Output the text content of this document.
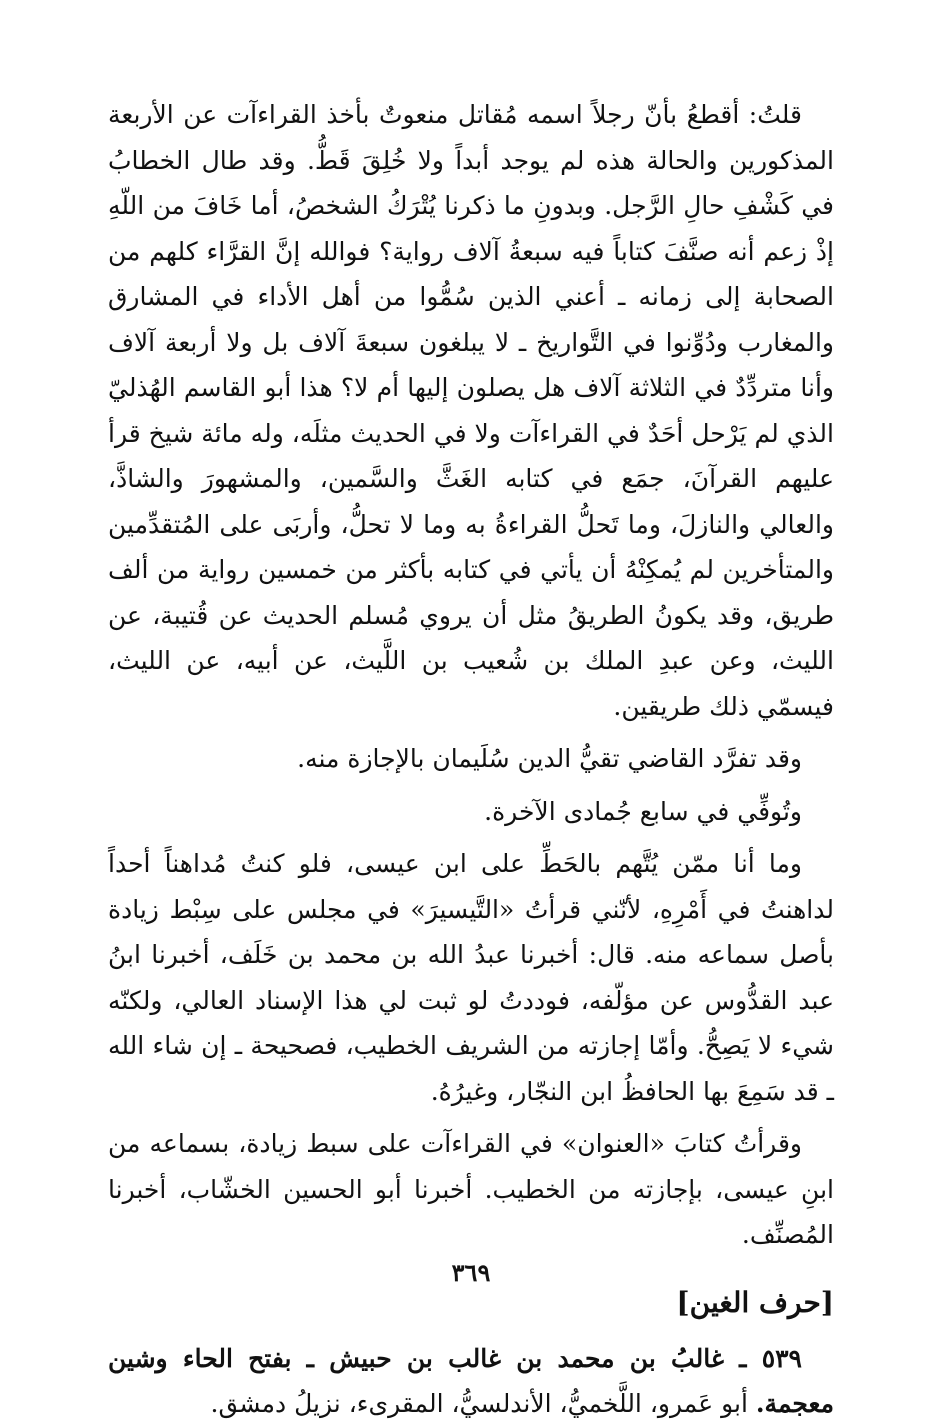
قلتُ: أقطعُ بأنّ رجلاً اسمه مُقاتل منعوتٌ بأخذ القراءآت عن الأربعة المذكورين والحالة هذه لم يوجد أبداً ولا خُلِقَ قَطُّ. وقد طال الخطابُ في كَشْفِ حالِ الرَّجل. وبدونِ ما ذكرنا يُتْرَكُ الشخصُ، أما خَافَ من اللّهِ إذْ زعم أنه صنَّفَ كتاباً فيه سبعةُ آلاف رواية؟ فوالله إنَّ القرَّاء كلهم من الصحابة إلى زمانه ـ أعني الذين سُمُّوا من أهل الأداء في المشارق والمغارب ودُوِّنوا في التَّواريخ ـ لا يبلغون سبعةَ آلاف بل ولا أربعة آلاف وأنا متردِّدٌ في الثلاثة آلاف هل يصلون إليها أم لا؟ هذا أبو القاسم الهُذليّ الذي لم يَرْحل أحَدٌ في القراءآت ولا في الحديث مثلَه، وله مائة شيخ قرأ عليهم القرآنَ، جمَع في كتابه الغَثَّ والسَّمين، والمشهورَ والشاذَّ، والعالي والنازلَ، وما تَحلُّ القراءةُ به وما لا تحلُّ، وأربَى على المُتقدِّمين والمتأخرين لم يُمكِنْهُ أن يأتي في كتابه بأكثر من خمسين رواية من ألف طريق، وقد يكونُ الطريقُ مثل أن يروي مُسلم الحديث عن قُتيبة، عن الليث، وعن عبدِ الملك بن شُعيب بن اللَّيث، عن أبيه، عن الليث، فيسمّي ذلك طريقين.

وقد تفرَّد القاضي تقيُّ الدين سُلَيمان بالإجازة منه.

وتُوفِّي في سابع جُمادى الآخرة.

وما أنا ممّن يُتَّهم بالحَطِّ على ابن عيسى، فلو كنتُ مُداهناً أحداً لداهنتُ في أَمْرِهِ، لأنّني قرأتُ «التَّيسيرَ» في مجلس على سِبْط زيادة بأصل سماعه منه. قال: أخبرنا عبدُ الله بن محمد بن خَلَف، أخبرنا ابنُ عبد القدُّوس عن مؤلّفه، فوددتُ لو ثبت لي هذا الإسناد العالي، ولكنّه شيء لا يَصِحُّ. وأمّا إجازته من الشريف الخطيب، فصحيحة ـ إن شاء الله ـ قد سَمِعَ بها الحافظُ ابن النجّار، وغيرُهُ.

وقرأتُ كتابَ «العنوان» في القراءآت على سبط زيادة، بسماعه من ابنِ عيسى، بإجازته من الخطيب. أخبرنا أبو الحسين الخشّاب، أخبرنا المُصنِّف.

[حرف الغين]

٥٣٩ ـ غالبُ بن محمد بن غالب بن حبيش ـ بفتح الحاء وشين معجمة. أبو عَمرو، اللَّخميُّ، الأندلسيُّ، المقرىء، نزيلُ دمشق.

٣٦٩
